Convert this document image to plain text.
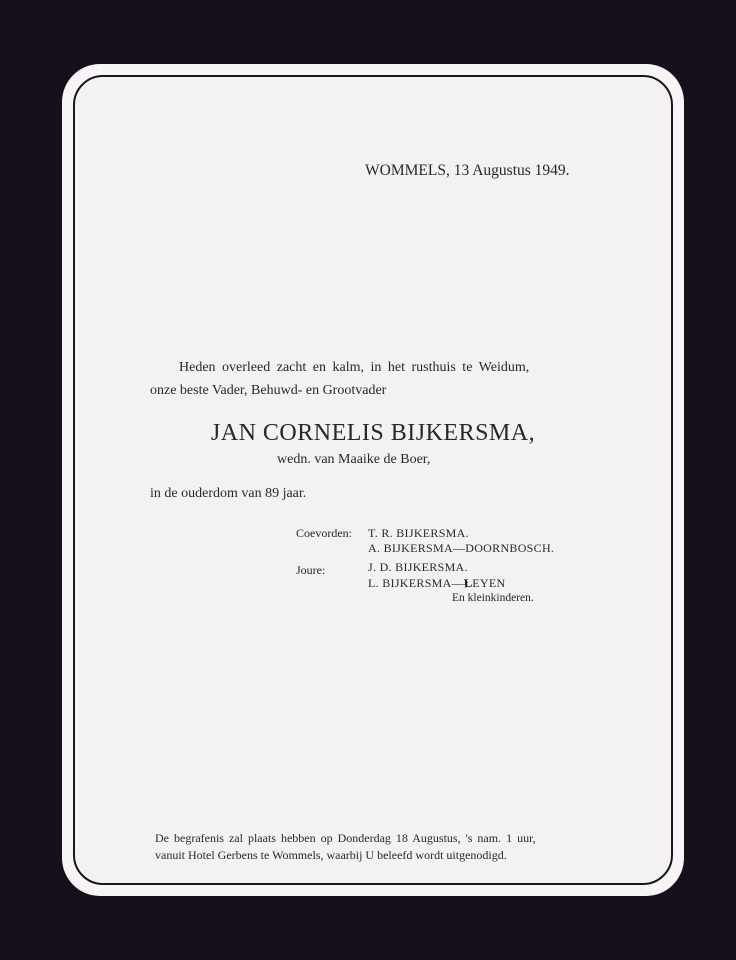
WOMMELS, 13 Augustus 1949.
Heden overleed zacht en kalm, in het rusthuis te Weidum,
onze beste Vader, Behuwd- en Grootvader
JAN CORNELIS BIJKERSMA,
wedn. van Maaike de Boer,
in de ouderdom van 89 jaar.
Coevorden: T. R. BIJKERSMA.
A. BIJKERSMA—DOORNBOSCH.
Joure:	J. D. BIJKERSMA.
L. BIJKERSMA—ŁEYEN
En kleinkinderen.
De begrafenis zal plaats hebben op Donderdag 18 Augustus, 's nam. 1 uur,
vanuit Hotel Gerbens te Wommels, waarbij U beleefd wordt uitgenodigd.
